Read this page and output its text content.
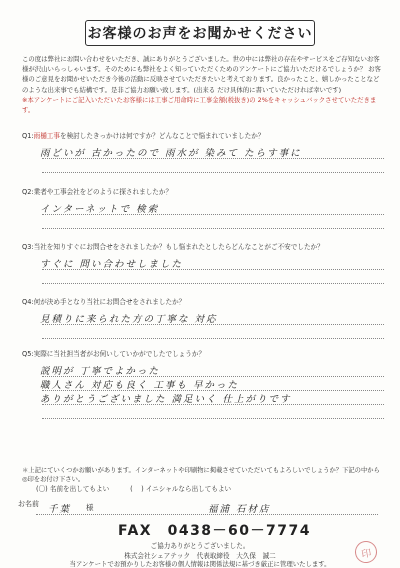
お客様のお声をお聞かせください
この度は弊社にお問い合わせをいただき、誠にありがとうございました。世の中には弊社の存在やサービスをご存知ないお客様が沢山いらっしゃいます。そのためにも弊社をよく知っていただくためのアンケートにご協力いただけるでしょうか？ お客様のご意見をお聞かせいただき今後の活動に反映させていただきたいと考えております。良かったこと、嬉しかったことなどのような出来事でも結構です。是非ご協力お願い致します。(出来る だけ具体的に書いていただければ幸いです)
※本アンケートにご記入いただいたお客様には工事ご用命時に工事金額(税抜き)の 2%をキャッシュバックさせていただきます。
Q1:雨樋工事を検討したきっかけは何ですか？どんなことで悩まれていましたか？
雨どいが 古かったので 雨水が 染みて たらす事に
Q2:業者や工事会社をどのように探されましたか？
インターネットで 検索
Q3:当社を知りすぐにお問合せをされましたか？もし悩まれたとしたらどんなことがご不安でしたか？
すぐに 問い合わせしました
Q4:何が決め手となり当社にお問合せをされましたか？
見積りに来られた方の丁寧な 対応
Q5:実際に当社担当者がお伺いしていかがでしたでしょうか？
説明が 丁寧でよかった
職人さん 対応も良く 工事も 早かった
ありがとうございました 満足いく 仕上がりです
＊上記にていくつかお願いがあります。インターネットや印刷物に掲載させていただいてもよろしいでしょうか？下記の中から◎印をお付け下さい。
(〇) 名前を出してもよい	(    ) イニシャルなら出してもよい
お名前 千葉 様	福浦 石材店
FAX　0438－60－7774
ご協力ありがとうございました。
株式会社シェアテック　代表取締役　大久保　誠二
当アンケートでお預かりしたお客様の個人情報は関係法規に基づき厳正に管理いたします。
印
